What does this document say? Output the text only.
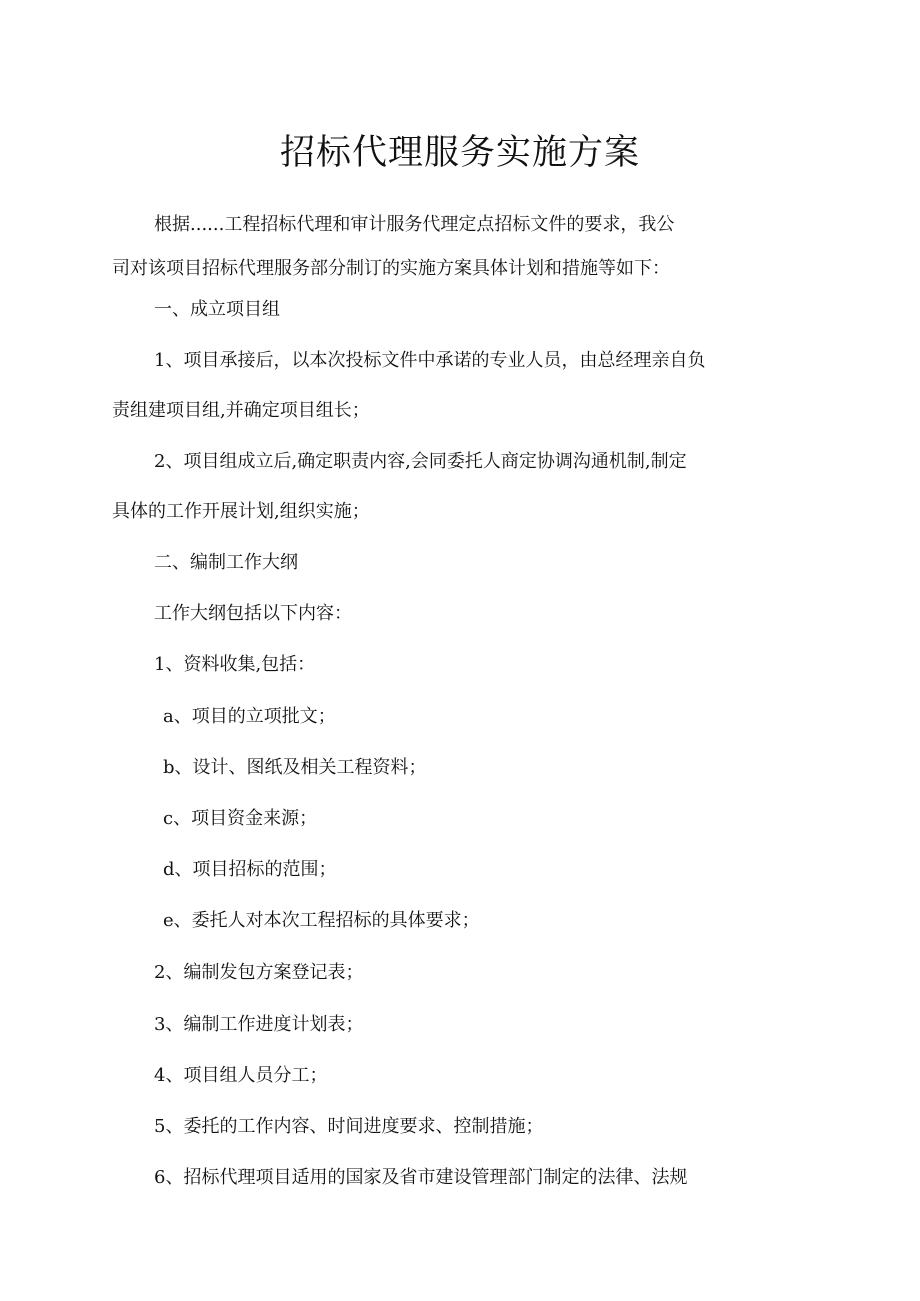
招标代理服务实施方案

根据......工程招标代理和审计服务代理定点招标文件的要求，我公

司对该项目招标代理服务部分制订的实施方案具体计划和措施等如下：

一、成立项目组

1、项目承接后，以本次投标文件中承诺的专业人员，由总经理亲自负

责组建项目组,并确定项目组长；

2、项目组成立后,确定职责内容,会同委托人商定协调沟通机制,制定

具体的工作开展计划,组织实施；

二、编制工作大纲

工作大纲包括以下内容：

1、资料收集,包括：

a、项目的立项批文；

b、设计、图纸及相关工程资料；

c、项目资金来源；

d、项目招标的范围；

e、委托人对本次工程招标的具体要求；

2、编制发包方案登记表；

3、编制工作进度计划表；

4、项目组人员分工；

5、委托的工作内容、时间进度要求、控制措施；

6、招标代理项目适用的国家及省市建设管理部门制定的法律、法规
